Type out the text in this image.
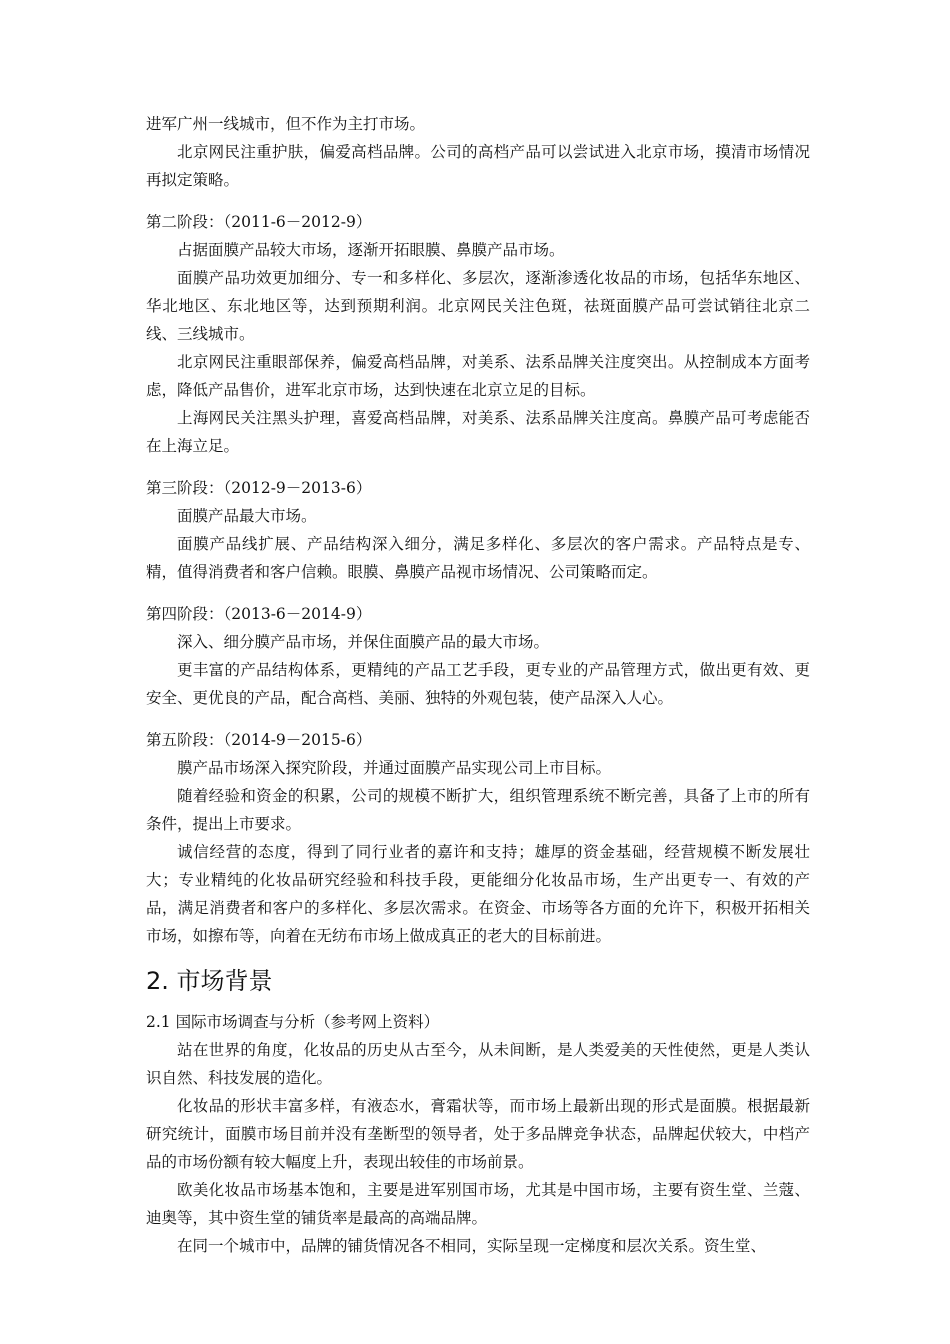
进军广州一线城市，但不作为主打市场。

北京网民注重护肤，偏爱高档品牌。公司的高档产品可以尝试进入北京市场，摸清市场情况再拟定策略。

第二阶段：（2011-6－2012-9）

占据面膜产品较大市场，逐渐开拓眼膜、鼻膜产品市场。

面膜产品功效更加细分、专一和多样化、多层次，逐渐渗透化妆品的市场，包括华东地区、华北地区、东北地区等，达到预期利润。北京网民关注色斑，祛斑面膜产品可尝试销往北京二线、三线城市。

北京网民注重眼部保养，偏爱高档品牌，对美系、法系品牌关注度突出。从控制成本方面考虑，降低产品售价，进军北京市场，达到快速在北京立足的目标。

上海网民关注黑头护理，喜爱高档品牌，对美系、法系品牌关注度高。鼻膜产品可考虑能否在上海立足。

第三阶段：（2012-9－2013-6）

面膜产品最大市场。

面膜产品线扩展、产品结构深入细分，满足多样化、多层次的客户需求。产品特点是专、精，值得消费者和客户信赖。眼膜、鼻膜产品视市场情况、公司策略而定。

第四阶段：（2013-6－2014-9）

深入、细分膜产品市场，并保住面膜产品的最大市场。

更丰富的产品结构体系，更精纯的产品工艺手段，更专业的产品管理方式，做出更有效、更安全、更优良的产品，配合高档、美丽、独特的外观包装，使产品深入人心。

第五阶段：（2014-9－2015-6）

膜产品市场深入探究阶段，并通过面膜产品实现公司上市目标。

随着经验和资金的积累，公司的规模不断扩大，组织管理系统不断完善，具备了上市的所有条件，提出上市要求。

诚信经营的态度，得到了同行业者的嘉许和支持；雄厚的资金基础，经营规模不断发展壮大；专业精纯的化妆品研究经验和科技手段，更能细分化妆品市场，生产出更专一、有效的产品，满足消费者和客户的多样化、多层次需求。在资金、市场等各方面的允许下，积极开拓相关市场，如擦布等，向着在无纺布市场上做成真正的老大的目标前进。

2. 市场背景

2.1 国际市场调查与分析（参考网上资料）

站在世界的角度，化妆品的历史从古至今，从未间断，是人类爱美的天性使然，更是人类认识自然、科技发展的造化。

化妆品的形状丰富多样，有液态水，膏霜状等，而市场上最新出现的形式是面膜。根据最新研究统计，面膜市场目前并没有垄断型的领导者，处于多品牌竞争状态，品牌起伏较大，中档产品的市场份额有较大幅度上升，表现出较佳的市场前景。

欧美化妆品市场基本饱和，主要是进军别国市场，尤其是中国市场，主要有资生堂、兰蔻、迪奥等，其中资生堂的铺货率是最高的高端品牌。

在同一个城市中，品牌的铺货情况各不相同，实际呈现一定梯度和层次关系。资生堂、
